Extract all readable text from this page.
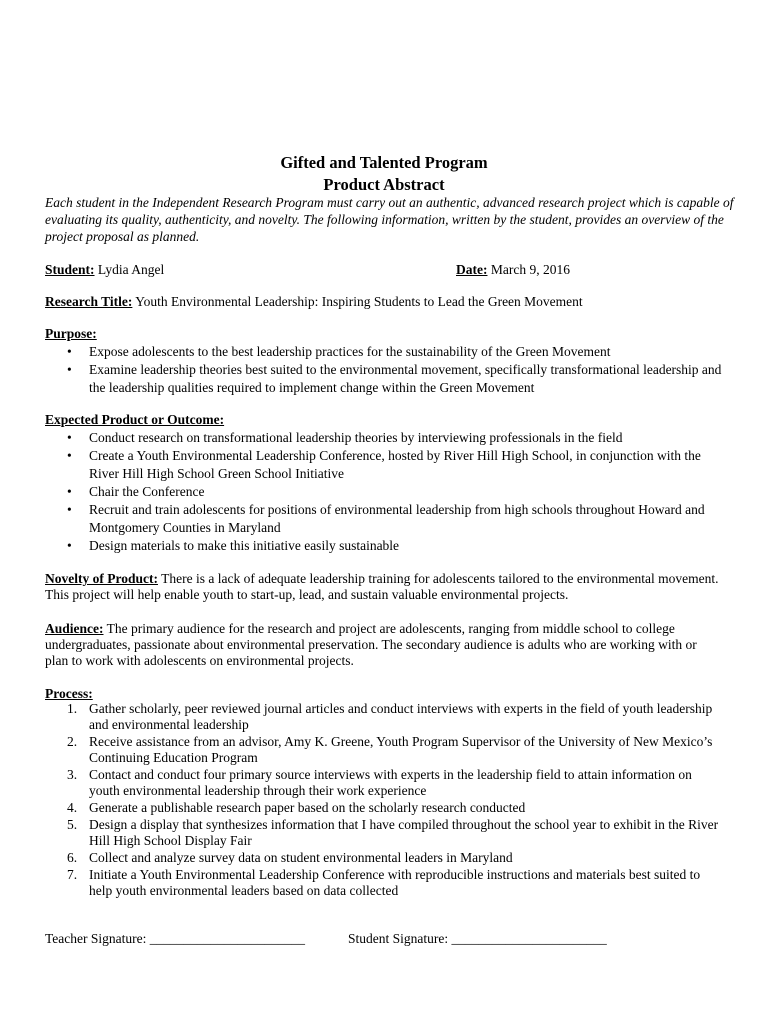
Gifted and Talented Program
Product Abstract
Each student in the Independent Research Program must carry out an authentic, advanced research project which is capable of evaluating its quality, authenticity, and novelty. The following information, written by the student, provides an overview of the project proposal as planned.
Student: Lydia Angel	Date: March 9, 2016
Research Title: Youth Environmental Leadership: Inspiring Students to Lead the Green Movement
Purpose:
•	Expose adolescents to the best leadership practices for the sustainability of the Green Movement
•	Examine leadership theories best suited to the environmental movement, specifically transformational leadership and the leadership qualities required to implement change within the Green Movement
Expected Product or Outcome:
•	Conduct research on transformational leadership theories by interviewing professionals in the field
•	Create a Youth Environmental Leadership Conference, hosted by River Hill High School, in conjunction with the River Hill High School Green School Initiative
•	Chair the Conference
•	Recruit and train adolescents for positions of environmental leadership from high schools throughout Howard and Montgomery Counties in Maryland
•	Design materials to make this initiative easily sustainable
Novelty of Product: There is a lack of adequate leadership training for adolescents tailored to the environmental movement. This project will help enable youth to start-up, lead, and sustain valuable environmental projects.
Audience: The primary audience for the research and project are adolescents, ranging from middle school to college undergraduates, passionate about environmental preservation. The secondary audience is adults who are working with or plan to work with adolescents on environmental projects.
Process:
1. Gather scholarly, peer reviewed journal articles and conduct interviews with experts in the field of youth leadership and environmental leadership
2. Receive assistance from an advisor, Amy K. Greene, Youth Program Supervisor of the University of New Mexico’s Continuing Education Program
3. Contact and conduct four primary source interviews with experts in the leadership field to attain information on youth environmental leadership through their work experience
4. Generate a publishable research paper based on the scholarly research conducted
5. Design a display that synthesizes information that I have compiled throughout the school year to exhibit in the River Hill High School Display Fair
6. Collect and analyze survey data on student environmental leaders in Maryland
7. Initiate a Youth Environmental Leadership Conference with reproducible instructions and materials best suited to help youth environmental leaders based on data collected
Teacher Signature: _______________________	Student Signature: _______________________
